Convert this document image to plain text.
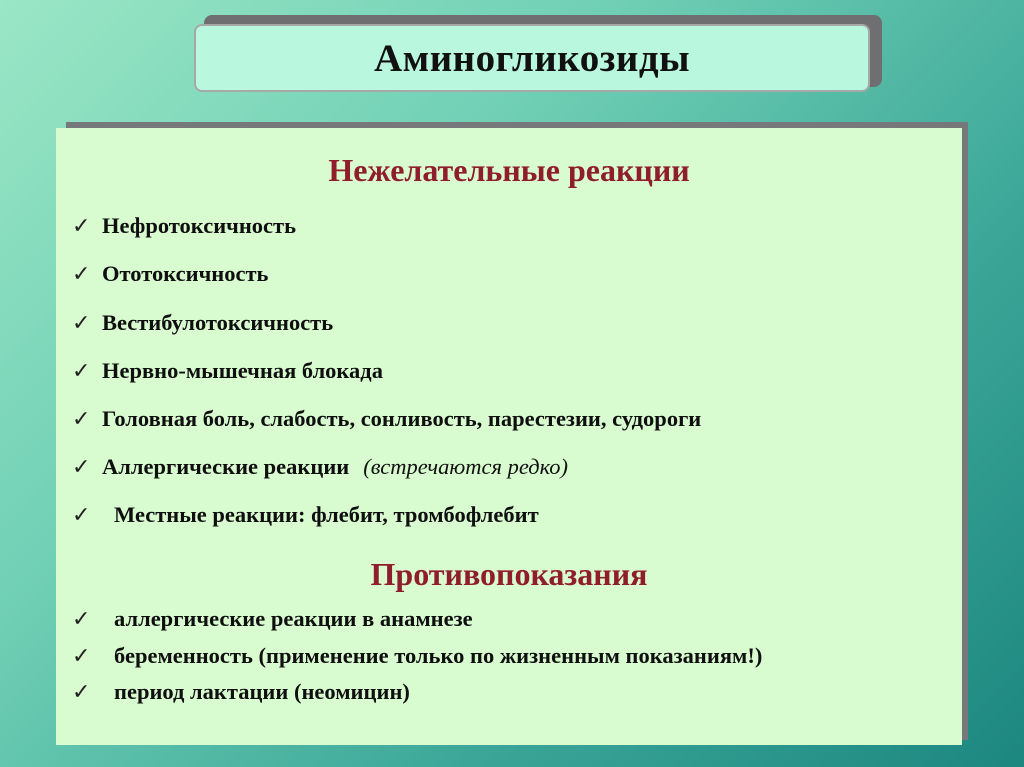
Аминогликозиды
Нежелательные реакции
✓ Нефротоксичность
✓ Ототоксичность
✓ Вестибулотоксичность
✓ Нервно-мышечная блокада
✓ Головная боль, слабость, сонливость, парестезии, судороги
✓ Аллергические реакции (встречаются редко)
✓	Местные реакции: флебит, тромбофлебит
Противопоказания
✓	аллергические реакции в анамнезе
✓	беременность (применение только по жизненным показаниям!)
✓	период лактации (неомицин)
